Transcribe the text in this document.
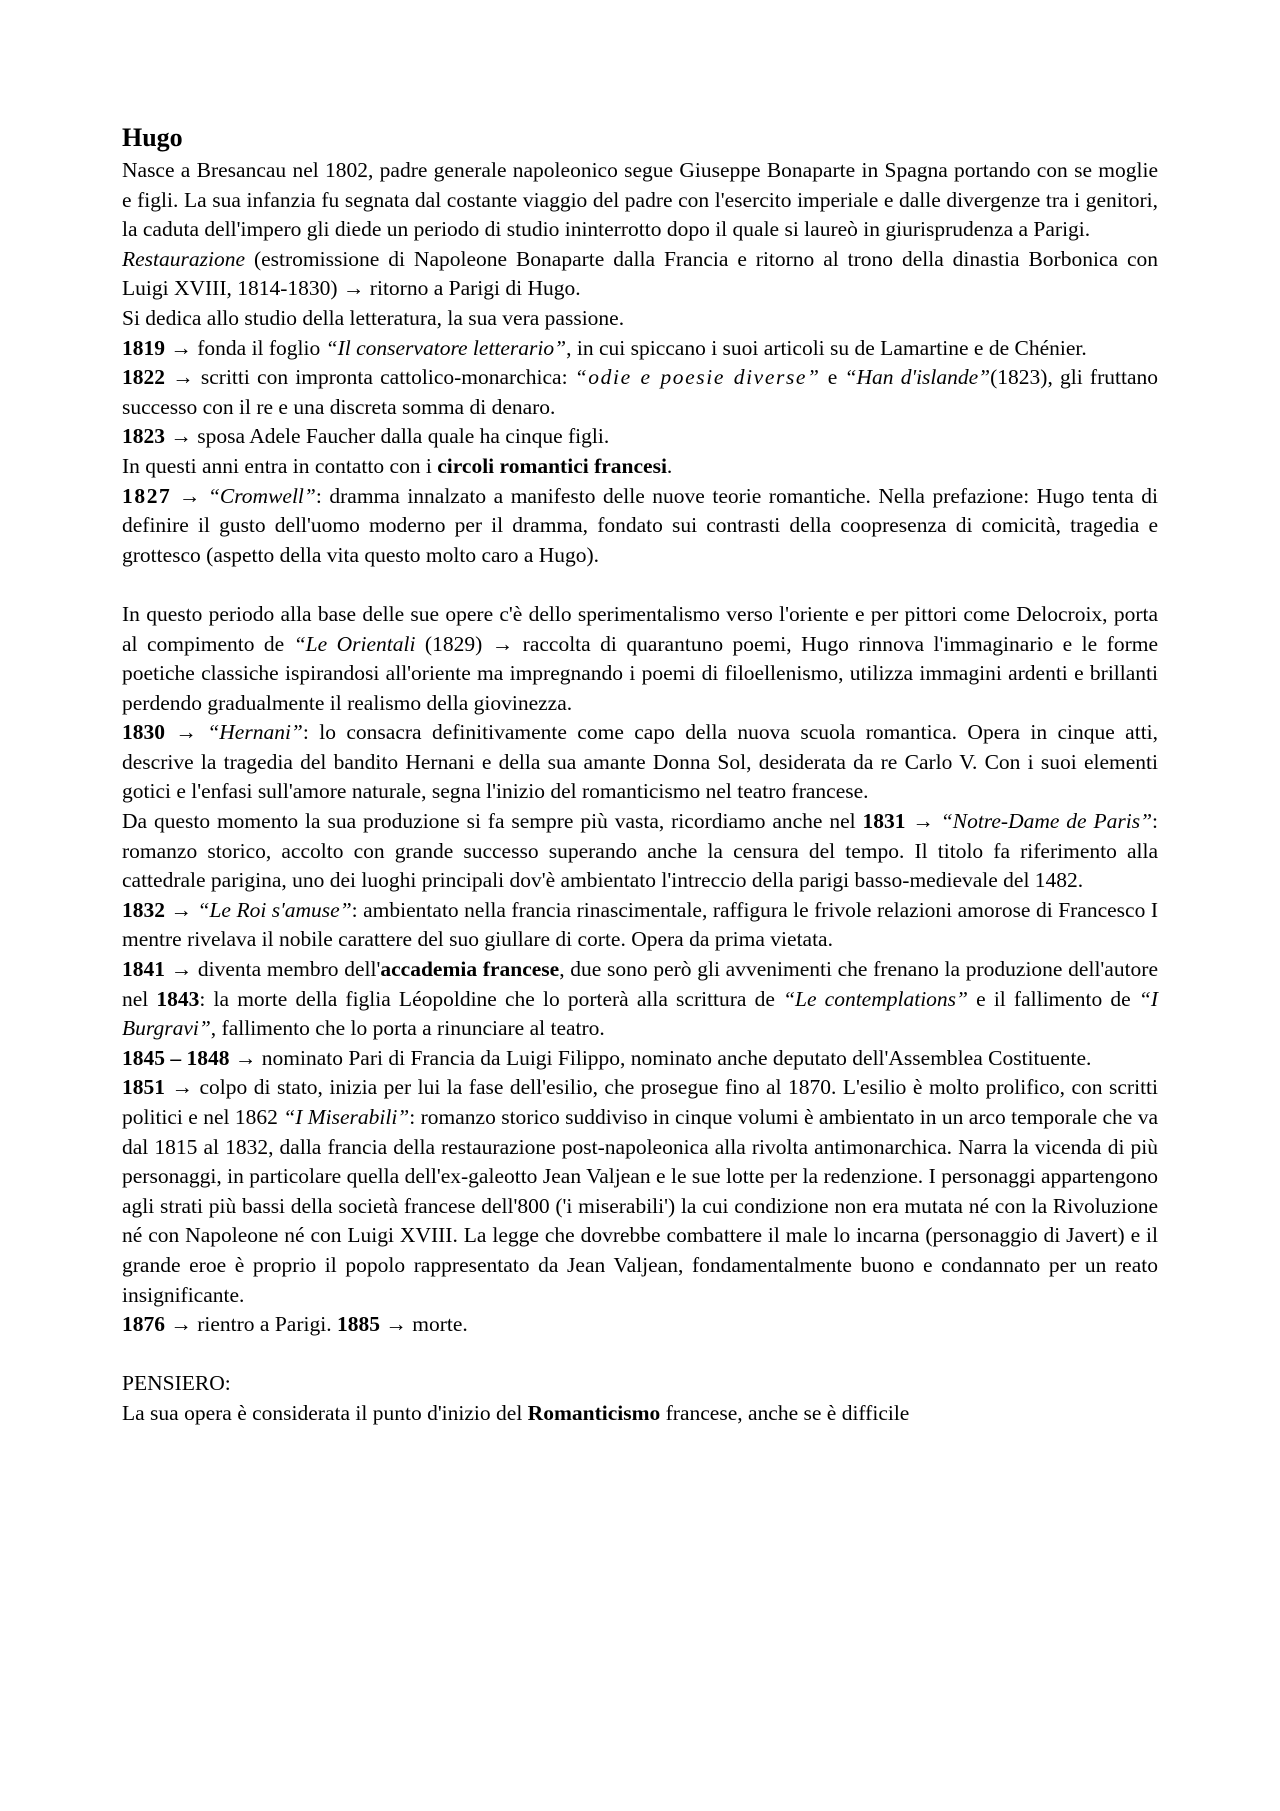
Hugo

Nasce a Bresancau nel 1802, padre generale napoleonico segue Giuseppe Bonaparte in Spagna portando con se moglie e figli. La sua infanzia fu segnata dal costante viaggio del padre con l'esercito imperiale e dalle divergenze tra i genitori, la caduta dell'impero gli diede un periodo di studio ininterrotto dopo il quale si laureò in giurisprudenza a Parigi.

Restaurazione (estromissione di Napoleone Bonaparte dalla Francia e ritorno al trono della dinastia Borbonica con Luigi XVIII, 1814-1830) → ritorno a Parigi di Hugo.

Si dedica allo studio della letteratura, la sua vera passione.

1819 → fonda il foglio “Il conservatore letterario”, in cui spiccano i suoi articoli su de Lamartine e de Chénier.

1822 → scritti con impronta cattolico-monarchica: “odie e poesie diverse” e “Han d'islande”(1823), gli fruttano successo con il re e una discreta somma di denaro.

1823 → sposa Adele Faucher dalla quale ha cinque figli.

In questi anni entra in contatto con i circoli romantici francesi.

1827 → “Cromwell”: dramma innalzato a manifesto delle nuove teorie romantiche. Nella prefazione: Hugo tenta di definire il gusto dell'uomo moderno per il dramma, fondato sui contrasti della coopresenza di comicità, tragedia e grottesco (aspetto della vita questo molto caro a Hugo).

In questo periodo alla base delle sue opere c'è dello sperimentalismo verso l'oriente e per pittori come Delocroix, porta al compimento de “Le Orientali (1829) → raccolta di quarantuno poemi, Hugo rinnova l'immaginario e le forme poetiche classiche ispirandosi all'oriente ma impregnando i poemi di filoellenismo, utilizza immagini ardenti e brillanti perdendo gradualmente il realismo della giovinezza.

1830 → “Hernani”: lo consacra definitivamente come capo della nuova scuola romantica. Opera in cinque atti, descrive la tragedia del bandito Hernani e della sua amante Donna Sol, desiderata da re Carlo V. Con i suoi elementi gotici e l'enfasi sull'amore naturale, segna l'inizio del romanticismo nel teatro francese.

Da questo momento la sua produzione si fa sempre più vasta, ricordiamo anche nel 1831 → “Notre-Dame de Paris”: romanzo storico, accolto con grande successo superando anche la censura del tempo. Il titolo fa riferimento alla cattedrale parigina, uno dei luoghi principali dov'è ambientato l'intreccio della parigi basso-medievale del 1482.

1832 → “Le Roi s'amuse”: ambientato nella francia rinascimentale, raffigura le frivole relazioni amorose di Francesco I mentre rivelava il nobile carattere del suo giullare di corte. Opera da prima vietata.

1841 → diventa membro dell'accademia francese, due sono però gli avvenimenti che frenano la produzione dell'autore nel 1843: la morte della figlia Léopoldine che lo porterà alla scrittura de “Le contemplations” e il fallimento de “I Burgravi”, fallimento che lo porta a rinunciare al teatro.

1845 – 1848 → nominato Pari di Francia da Luigi Filippo, nominato anche deputato dell'Assemblea Costituente.

1851 → colpo di stato, inizia per lui la fase dell'esilio, che prosegue fino al 1870. L'esilio è molto prolifico, con scritti politici e nel 1862 “I Miserabili”: romanzo storico suddiviso in cinque volumi è ambientato in un arco temporale che va dal 1815 al 1832, dalla francia della restaurazione post-napoleonica alla rivolta antimonarchica. Narra la vicenda di più personaggi, in particolare quella dell'ex-galeotto Jean Valjean e le sue lotte per la redenzione. I personaggi appartengono agli strati più bassi della società francese dell'800 ('i miserabili') la cui condizione non era mutata né con la Rivoluzione né con Napoleone né con Luigi XVIII. La legge che dovrebbe combattere il male lo incarna (personaggio di Javert) e il grande eroe è proprio il popolo rappresentato da Jean Valjean, fondamentalmente buono e condannato per un reato insignificante.

1876 → rientro a Parigi. 1885 → morte.

PENSIERO:

La sua opera è considerata il punto d'inizio del Romanticismo francese, anche se è difficile
